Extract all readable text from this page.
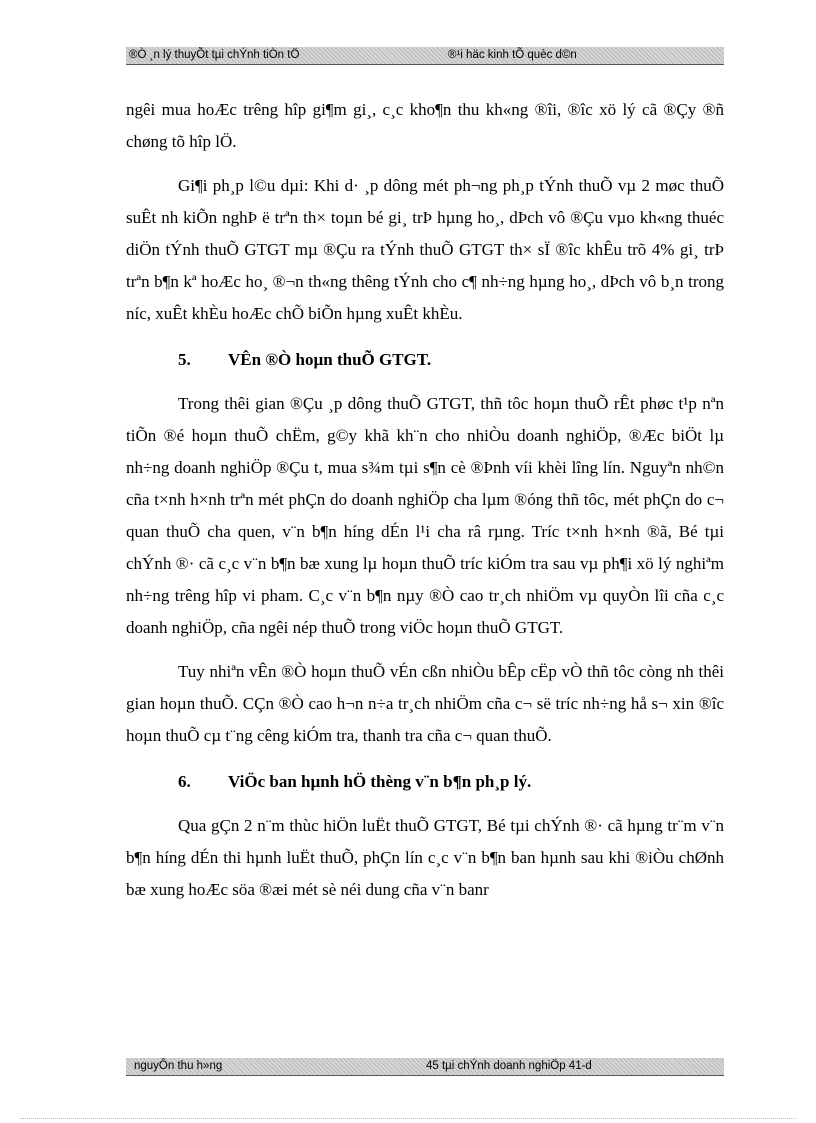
®Ò ¸n lý thuyÕt tµi chÝnh tiÒn tÖ	®¹i häc kinh tÕ quèc d©n

ngêi mua hoÆc trêng hîp gi¶m gi¸, c¸c kho¶n thu kh«ng ®îi, ®îc xö lý cã ®Çy ®ñ chøng tõ hîp lÖ.

Gi¶i ph¸p l©u dµi: Khi d· ¸p dông mét ph¬ng ph¸p tÝnh thuÕ vµ 2 møc thuÕ suÊt nh kiÕn nghÞ ë trªn th× toµn bé gi¸ trÞ hµng ho¸, dÞch vô ®Çu vµo kh«ng thuéc diÖn tÝnh thuÕ GTGT mµ ®Çu ra tÝnh thuÕ GTGT th× sÏ ®îc khÊu trõ 4% gi¸ trÞ trªn b¶n kª hoÆc ho¸ ®¬n th«ng thêng tÝnh cho c¶ nh÷ng hµng ho¸, dÞch vô b¸n trong níc, xuÊt khÈu hoÆc chÕ biÕn hµng xuÊt khÈu.

5. VÊn ®Ò hoµn thuÕ GTGT.

Trong thêi gian ®Çu ¸p dông thuÕ GTGT, thñ tôc hoµn thuÕ rÊt phøc t¹p nªn tiÕn ®é hoµn thuÕ chËm, g©y khã kh¨n cho nhiÒu doanh nghiÖp, ®Æc biÖt lµ nh÷ng doanh nghiÖp ®Çu t, mua s¾m tµi s¶n cè ®Þnh víi khèi lîng lín. Nguyªn nh©n cña t×nh h×nh trªn mét phÇn do doanh nghiÖp cha lµm ®óng thñ tôc, mét phÇn do c¬ quan thuÕ cha quen, v¨n b¶n híng dÉn l¹i cha râ rµng. Tríc t×nh h×nh ®ã, Bé tµi chÝnh ®· cã c¸c v¨n b¶n bæ xung lµ hoµn thuÕ tríc kiÓm tra sau vµ ph¶i xö lý nghiªm nh÷ng trêng hîp vi pham. C¸c v¨n b¶n nµy ®Ò cao tr¸ch nhiÖm vµ quyÒn lîi cña c¸c doanh nghiÖp, cña ngêi nép thuÕ trong viÖc hoµn thuÕ GTGT.

Tuy nhiªn vÊn ®Ò hoµn thuÕ vÉn cßn nhiÒu bÊp cËp vÒ thñ tôc còng nh thêi gian hoµn thuÕ. CÇn ®Ò cao h¬n n÷a tr¸ch nhiÖm cña c¬ së tríc nh÷ng hå s¬ xin ®îc hoµn thuÕ cµ t¨ng cêng kiÓm tra, thanh tra cña c¬ quan thuÕ.

6. ViÖc ban hµnh hÖ thèng v¨n b¶n ph¸p lý.

Qua gÇn 2 n¨m thùc hiÖn luËt thuÕ GTGT, Bé tµi chÝnh ®· cã hµng tr¨m v¨n b¶n híng dÉn thi hµnh luËt thuÕ, phÇn lín c¸c v¨n b¶n ban hµnh sau khi ®iÒu chØnh bæ xung hoÆc söa ®æi mét sè néi dung cña v¨n banr

nguyÔn thu h»ng	45 tµi chÝnh doanh nghiÖp 41-d
